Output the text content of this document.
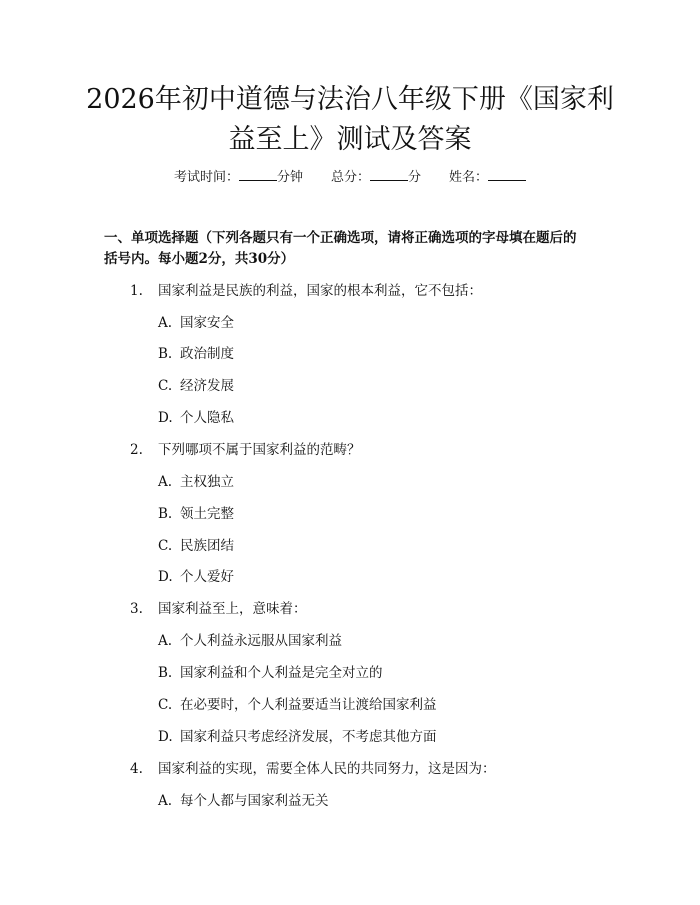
2026年初中道德与法治八年级下册《国家利
益至上》测试及答案
考试时间：	分钟 总分：	分 姓名：
一、单项选择题（下列各题只有一个正确选项，请将正确选项的字母填在题后的
括号内。每小题2分，共30分）
1. 国家利益是民族的利益，国家的根本利益，它不包括：
A. 国家安全
B. 政治制度
C. 经济发展
D. 个人隐私
2. 下列哪项不属于国家利益的范畴？
A. 主权独立
B. 领土完整
C. 民族团结
D. 个人爱好
3. 国家利益至上，意味着：
A. 个人利益永远服从国家利益
B. 国家利益和个人利益是完全对立的
C. 在必要时，个人利益要适当让渡给国家利益
D. 国家利益只考虑经济发展，不考虑其他方面
4. 国家利益的实现，需要全体人民的共同努力，这是因为：
A. 每个人都与国家利益无关
